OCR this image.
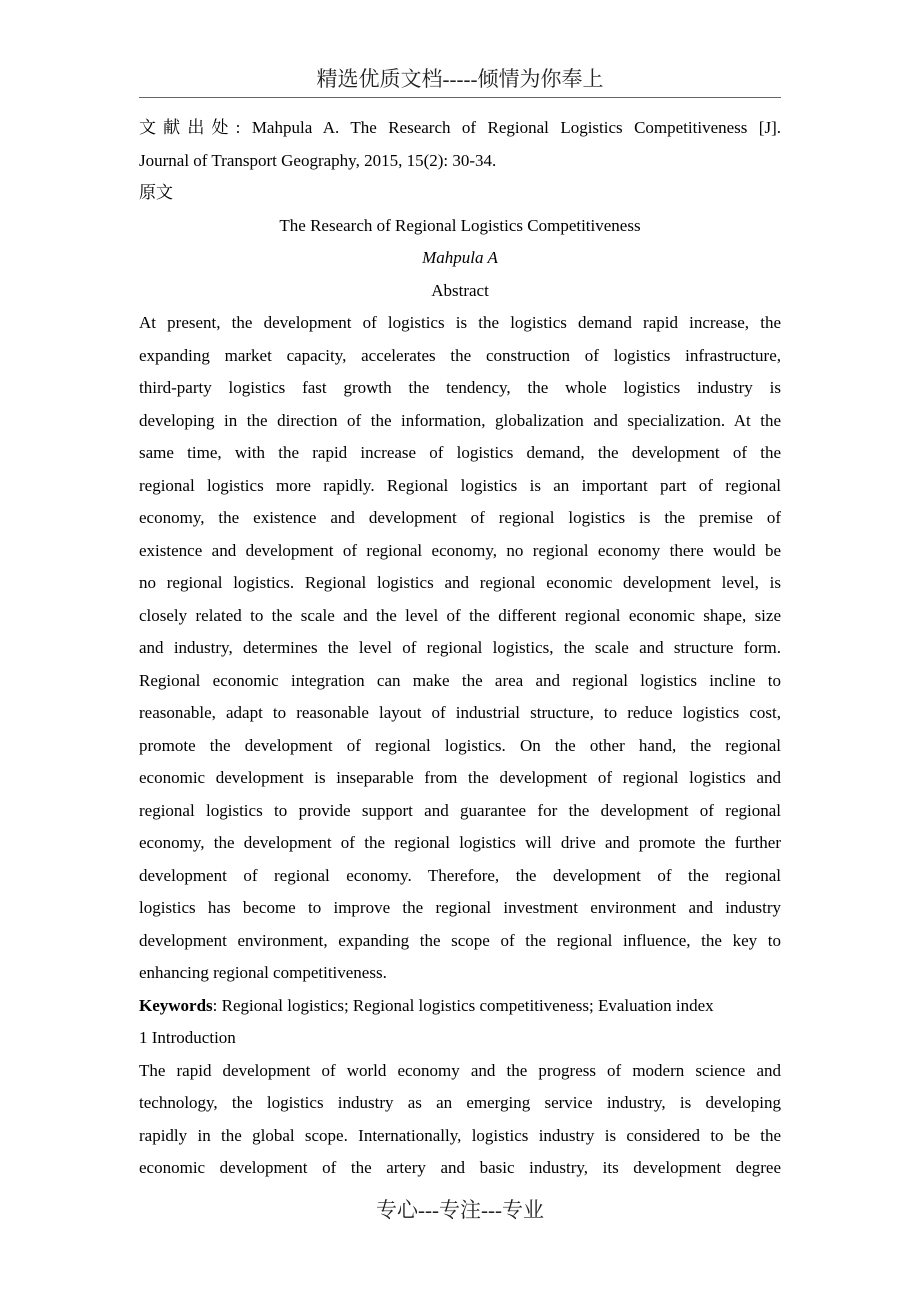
精选优质文档-----倾情为你奉上
文献出处: Mahpula A. The Research of Regional Logistics Competitiveness [J].
Journal of Transport Geography, 2015, 15(2): 30-34.
原文
The Research of Regional Logistics Competitiveness
Mahpula A
Abstract
At present, the development of logistics is the logistics demand rapid increase, the
expanding market capacity, accelerates the construction of logistics infrastructure,
third-party logistics fast growth the tendency, the whole logistics industry is
developing in the direction of the information, globalization and specialization. At the
same time, with the rapid increase of logistics demand, the development of the
regional logistics more rapidly. Regional logistics is an important part of regional
economy, the existence and development of regional logistics is the premise of
existence and development of regional economy, no regional economy there would be
no regional logistics. Regional logistics and regional economic development level, is
closely related to the scale and the level of the different regional economic shape, size
and industry, determines the level of regional logistics, the scale and structure form.
Regional economic integration can make the area and regional logistics incline to
reasonable, adapt to reasonable layout of industrial structure, to reduce logistics cost,
promote the development of regional logistics. On the other hand, the regional
economic development is inseparable from the development of regional logistics and
regional logistics to provide support and guarantee for the development of regional
economy, the development of the regional logistics will drive and promote the further
development of regional economy. Therefore, the development of the regional
logistics has become to improve the regional investment environment and industry
development environment, expanding the scope of the regional influence, the key to
enhancing regional competitiveness.
Keywords: Regional logistics; Regional logistics competitiveness; Evaluation index
1 Introduction
The rapid development of world economy and the progress of modern science and
technology, the logistics industry as an emerging service industry, is developing
rapidly in the global scope. Internationally, logistics industry is considered to be the
economic development of the artery and basic industry, its development degree
专心---专注---专业
